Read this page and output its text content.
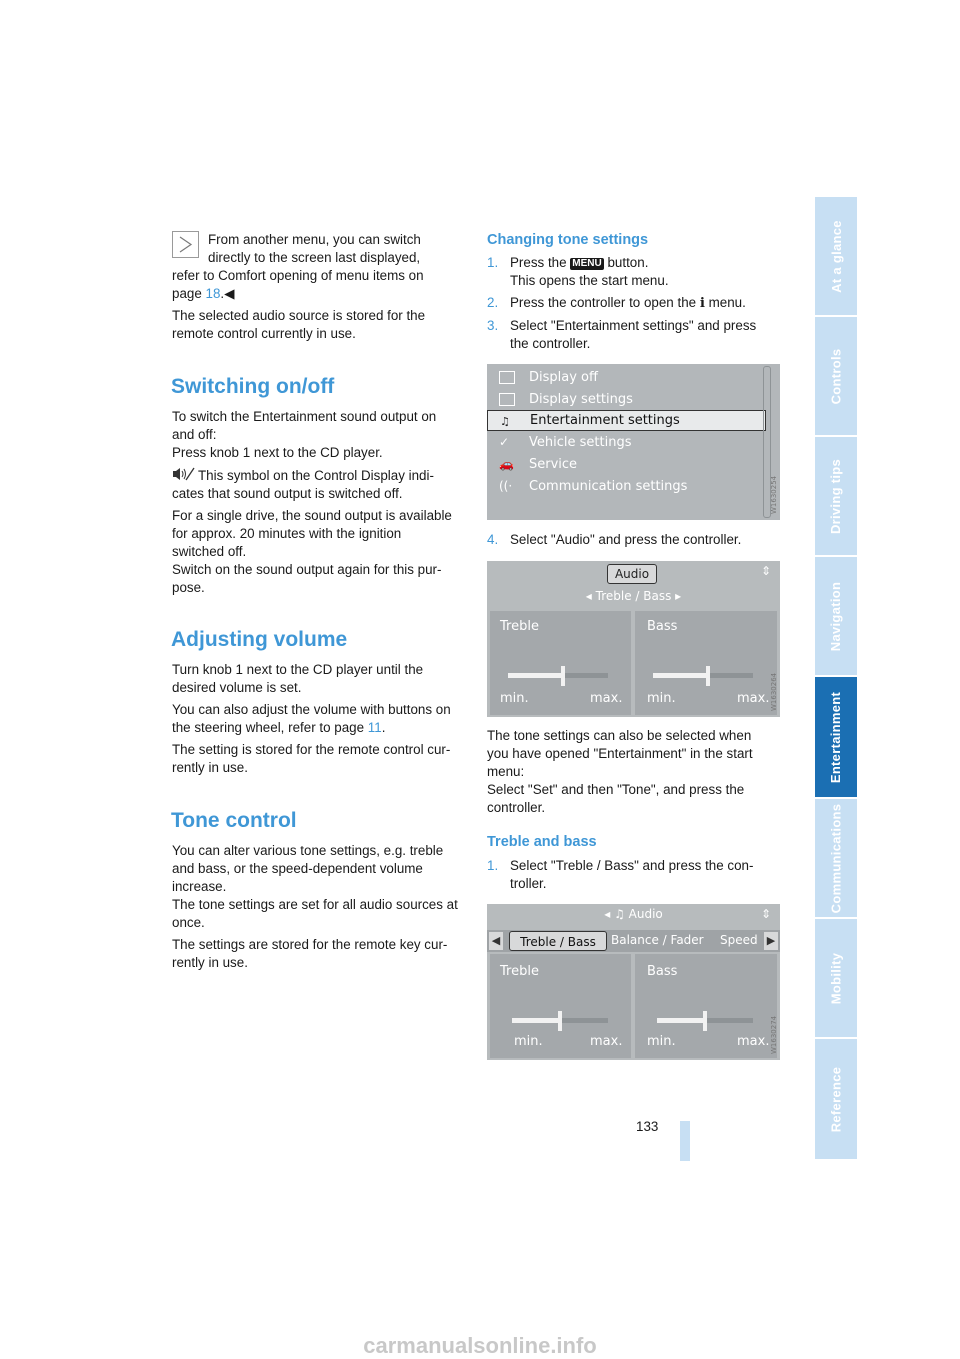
From another menu, you can switch
directly to the screen last displayed,
refer to Comfort opening of menu items on
page 18.◀
The selected audio source is stored for the
remote control currently in use.
Switching on/off
To switch the Entertainment sound output on
and off:
Press knob 1 next to the CD player.
This symbol on the Control Display indi-
cates that sound output is switched off.
For a single drive, the sound output is available
for approx. 20 minutes with the ignition
switched off.
Switch on the sound output again for this pur-
pose.
Adjusting volume
Turn knob 1 next to the CD player until the
desired volume is set.
You can also adjust the volume with buttons on
the steering wheel, refer to page 11.
The setting is stored for the remote control cur-
rently in use.
Tone control
You can alter various tone settings, e.g. treble
and bass, or the speed-dependent volume
increase.
The tone settings are set for all audio sources at
once.
The settings are stored for the remote key cur-
rently in use.
Changing tone settings
1. Press the MENU button.
This opens the start menu.
2. Press the controller to open the i menu.
3. Select "Entertainment settings" and press
the controller.
Display off
Display settings
♫ Entertainment settings
✓ Vehicle settings
🚗 Service
((· Communication settings	W1630254
4. Select "Audio" and press the controller.
Audio	⇕
◂ Treble / Bass ▸
Treble
min.	max.
Bass
min.	max. W1630264
The tone settings can also be selected when
you have opened "Entertainment" in the start
menu:
Select "Set" and then "Tone", and press the
controller.
Treble and bass
1. Select "Treble / Bass" and press the con-
troller.
◂ ♫ Audio	⇕
◀	Treble / Bass	Balance / Fader Speed ▶
Treble
min.	max.
Bass
min.	max. W1630274
At a glance
Controls
Driving tips
Navigation
Entertainment
Communications
Mobility
Reference
133
carmanualsonline.info
